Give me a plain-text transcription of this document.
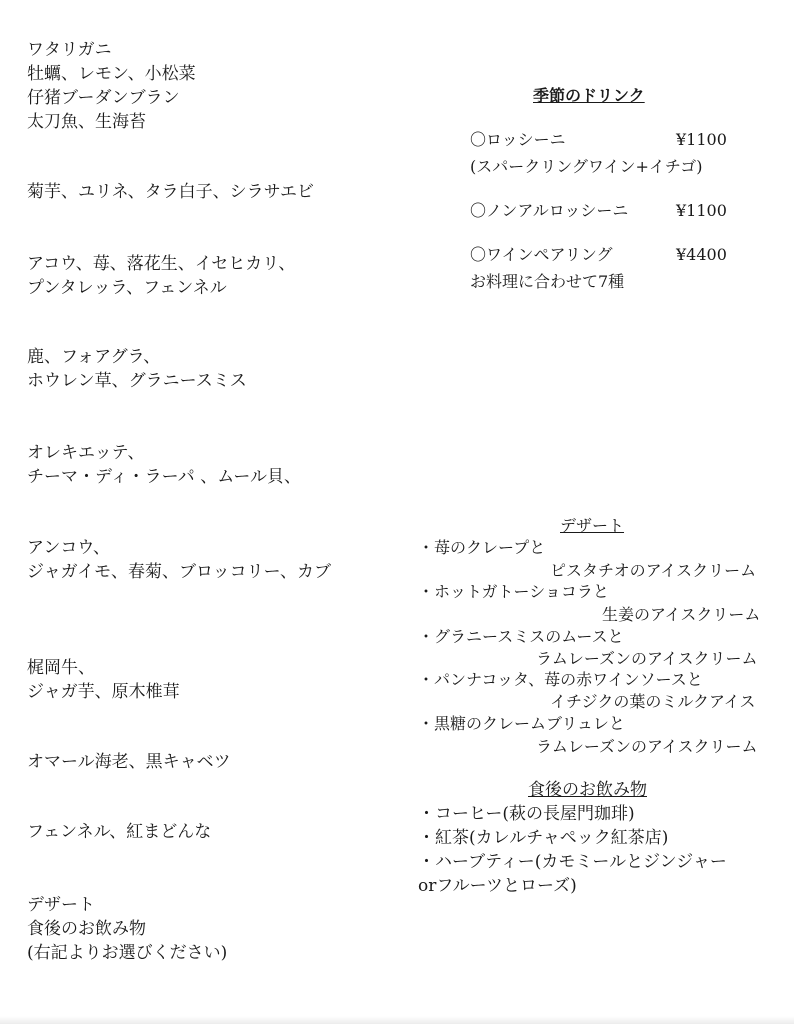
ワタリガニ
牡蠣、レモン、小松菜
仔猪ブーダンブラン
太刀魚、生海苔
菊芋、ユリネ、タラ白子、シラサエビ
アコウ、苺、落花生、イセヒカリ、
プンタレッラ、フェンネル
鹿、フォアグラ、
ホウレン草、グラニースミス
オレキエッテ、
チーマ・ディ・ラーパ 、ムール貝、
アンコウ、
ジャガイモ、春菊、ブロッコリー、カブ
梶岡牛、
ジャガ芋、原木椎茸
オマール海老、黒キャベツ
フェンネル、紅まどんな
デザート
食後のお飲み物
(右記よりお選びください)
季節のドリンク
〇ロッシーニ	¥1100
(スパークリングワイン+イチゴ)
〇ノンアルロッシーニ	¥1100
〇ワインペアリング	¥4400
お料理に合わせて7種
デザート
・苺のクレープと
ピスタチオのアイスクリーム
・ホットガトーショコラと
生姜のアイスクリーム
・グラニースミスのムースと
ラムレーズンのアイスクリーム
・パンナコッタ、苺の赤ワインソースと
イチジクの葉のミルクアイス
・黒糖のクレームブリュレと
ラムレーズンのアイスクリーム
食後のお飲み物
・コーヒー(萩の長屋門珈琲)
・紅茶(カレルチャペック紅茶店)
・ハーブティー(カモミールとジンジャー
orフルーツとローズ)
